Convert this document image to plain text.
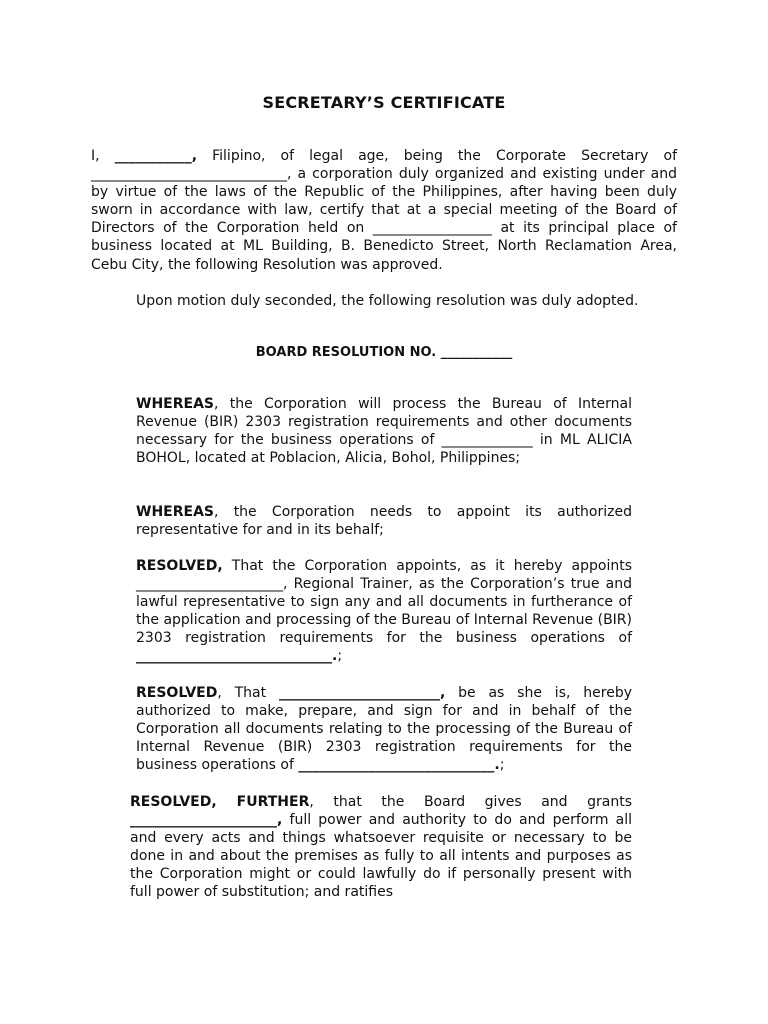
SECRETARY’S CERTIFICATE

I, ___________, Filipino, of legal age, being the Corporate Secretary of ____________________________, a corporation duly organized and existing under and by virtue of the laws of the Republic of the Philippines, after having been duly sworn in accordance with law, certify that at a special meeting of the Board of Directors of the Corporation held on _________________ at its principal place of business located at ML Building, B. Benedicto Street, North Reclamation Area, Cebu City, the following Resolution was approved.

Upon motion duly seconded, the following resolution was duly adopted.

BOARD RESOLUTION NO. ___________

WHEREAS, the Corporation will process the Bureau of Internal Revenue (BIR) 2303 registration requirements and other documents necessary for the business operations of _____________ in ML ALICIA BOHOL, located at Poblacion, Alicia, Bohol, Philippines;

WHEREAS, the Corporation needs to appoint its authorized representative for and in its behalf;

RESOLVED, That the Corporation appoints, as it hereby appoints _____________________, Regional Trainer, as the Corporation’s true and lawful representative to sign any and all documents in furtherance of the application and processing of the Bureau of Internal Revenue (BIR) 2303 registration requirements for the business operations of ____________________________.;

RESOLVED, That _______________________, be as she is, hereby authorized to make, prepare, and sign for and in behalf of the Corporation all documents relating to the processing of the Bureau of Internal Revenue (BIR) 2303 registration requirements for the business operations of ____________________________.;

RESOLVED, FURTHER, that the Board gives and grants _____________________, full power and authority to do and perform all and every acts and things whatsoever requisite or necessary to be done in and about the premises as fully to all intents and purposes as the Corporation might or could lawfully do if personally present with full power of substitution; and ratifies
